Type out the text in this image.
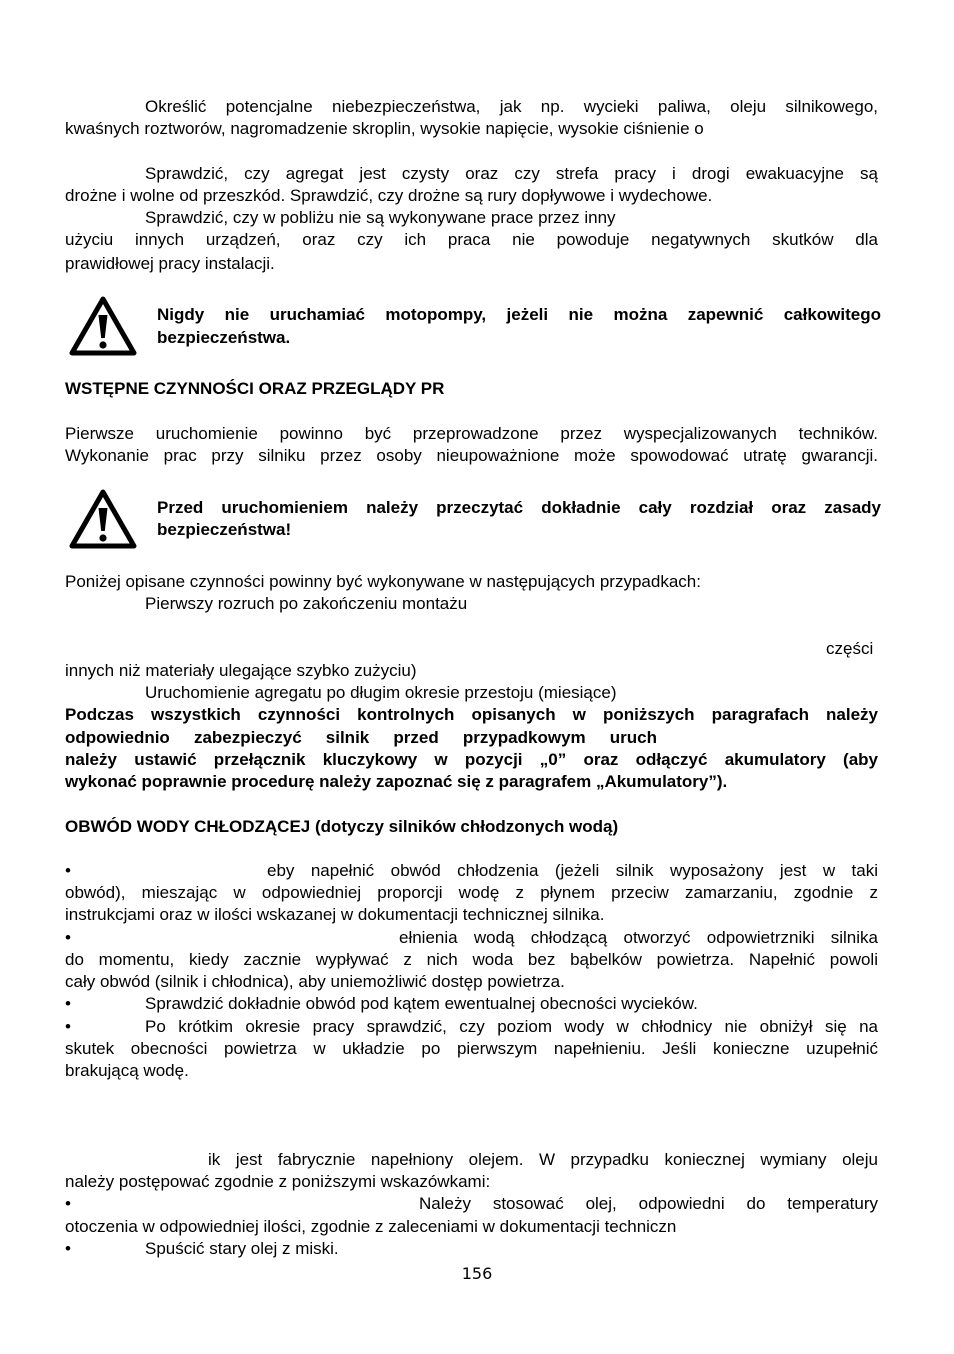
Określić potencjalne niebezpieczeństwa, jak np. wycieki paliwa, oleju silnikowego,
kwaśnych roztworów, nagromadzenie skroplin, wysokie napięcie, wysokie ciśnienie o
Sprawdzić, czy agregat jest czysty oraz czy strefa pracy i drogi ewakuacyjne są
drożne i wolne od przeszkód. Sprawdzić, czy drożne są rury dopływowe i wydechowe.
Sprawdzić, czy w pobliżu nie są wykonywane prace przez inny
użyciu innych urządzeń, oraz czy ich praca nie powoduje negatywnych skutków dla
prawidłowej pracy instalacji.
Nigdy nie uruchamiać motopompy, jeżeli nie można zapewnić całkowitego
bezpieczeństwa.
WSTĘPNE CZYNNOŚCI ORAZ PRZEGLĄDY PR
Pierwsze uruchomienie powinno być przeprowadzone przez wyspecjalizowanych techników.
Wykonanie prac przy silniku przez osoby nieupoważnione może spowodować utratę gwarancji.
Przed uruchomieniem należy przeczytać dokładnie cały rozdział oraz zasady
bezpieczeństwa!
Poniżej opisane czynności powinny być wykonywane w następujących przypadkach:
Pierwszy rozruch po zakończeniu montażu
części
innych niż materiały ulegające szybko zużyciu)
Uruchomienie agregatu po długim okresie przestoju (miesiące)
Podczas wszystkich czynności kontrolnych opisanych w poniższych paragrafach należy
odpowiednio zabezpieczyć silnik przed przypadkowym uruch
należy ustawić przełącznik kluczykowy w pozycji „0” oraz odłączyć akumulatory (aby
wykonać poprawnie procedurę należy zapoznać się z paragrafem „Akumulatory”).
OBWÓD WODY CHŁODZĄCEJ (dotyczy silników chłodzonych wodą)
•	eby napełnić obwód chłodzenia (jeżeli silnik wyposażony jest w taki
obwód), mieszając w odpowiedniej proporcji wodę z płynem przeciw zamarzaniu, zgodnie z
instrukcjami oraz w ilości wskazanej w dokumentacji technicznej silnika.
•	ełnienia wodą chłodzącą otworzyć odpowietrzniki silnika
do momentu, kiedy zacznie wypływać z nich woda bez bąbelków powietrza. Napełnić powoli
cały obwód (silnik i chłodnica), aby uniemożliwić dostęp powietrza.
•	Sprawdzić dokładnie obwód pod kątem ewentualnej obecności wycieków.
•	Po krótkim okresie pracy sprawdzić, czy poziom wody w chłodnicy nie obniżył się na
skutek obecności powietrza w układzie po pierwszym napełnieniu. Jeśli konieczne uzupełnić
brakującą wodę.
ik jest fabrycznie napełniony olejem. W przypadku koniecznej wymiany oleju
należy postępować zgodnie z poniższymi wskazówkami:
•	Należy stosować olej, odpowiedni do temperatury
otoczenia w odpowiedniej ilości, zgodnie z zaleceniami w dokumentacji techniczn
•	Spuścić stary olej z miski.
156
